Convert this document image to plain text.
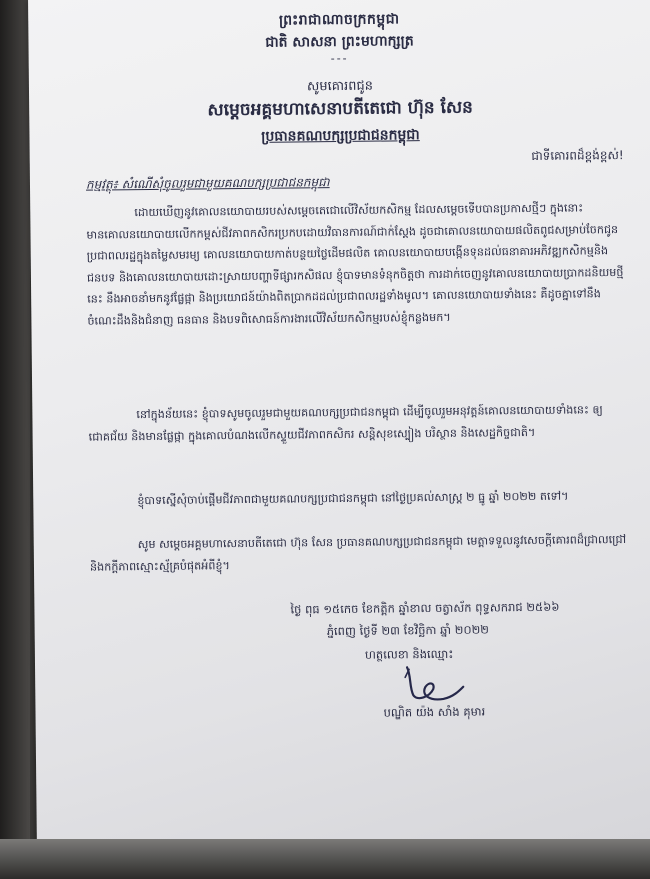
ព្រះរាជាណាចក្រកម្ពុជា
ជាតិ សាសនា ព្រះមហាក្សត្រ
---
សូមគោរពជូន
សម្តេចអគ្គមហាសេនាបតីតេជោ ហ៊ុន សែន
ប្រធានគណបក្សប្រជាជនកម្ពុជា
ជាទីគោរពដ៏ខ្ពង់ខ្ពស់!
កម្មវត្ថុ៖ សំណើសុំចូលរួមជាមួយគណបក្សប្រជាជនកម្ពុជា
ដោយឃើញនូវគោលនយោបាយរបស់សម្តេចតេជោលើវិស័យកសិកម្ម ដែលសម្តេចទើបបានប្រកាសថ្មីៗ ក្នុងនោះមានគោលនយោបាយលើកកម្ពស់ជីវភាពកសិករប្រកបដោយវិធានការណ៍ជាក់ស្តែង ដូចជាគោលនយោបាយផលិតពូជសម្រាប់ចែកជូនប្រជាពលរដ្ឋក្នុងតម្លៃសមរម្យ គោលនយោបាយកាត់បន្ថយថ្លៃដើមផលិត គោលនយោបាយបង្កើនទុនដល់ធនាគារអភិវឌ្ឍកសិកម្មនិងជនបទ និងគោលនយោបាយដោះស្រាយបញ្ហាទីផ្សារកសិផល ខ្ញុំបាទមានទំនុកចិត្តថា ការដាក់ចេញនូវគោលនយោបាយប្រាកដនិយមថ្មីនេះ នឹងអាចនាំមកនូវផ្លែផ្កា និងប្រយោជន៍យ៉ាងពិតប្រាកដដល់ប្រជាពលរដ្ឋទាំងមូល។ គោលនយោបាយទាំងនេះ គឺដូចគ្នាទៅនឹងចំណេះដឹងនិងជំនាញ ធនធាន និងបទពិសោធន៍ការងារលើវិស័យកសិកម្មរបស់ខ្ញុំកន្លងមក។
នៅក្នុងន័យនេះ ខ្ញុំបាទសូមចូលរួមជាមួយគណបក្សប្រជាជនកម្ពុជា ដើម្បីចូលរួមអនុវត្តន៍គោលនយោបាយទាំងនេះ ឲ្យជោគជ័យ និងមានផ្លែផ្កា ក្នុងគោលបំណងលើកស្ទួយជីវភាពកសិករ សន្តិសុខស្បៀង បរិស្ថាន និងសេដ្ឋកិច្ចជាតិ។
ខ្ញុំបាទស្នើសុំចាប់ផ្តើមជីវភាពជាមួយគណបក្សប្រជាជនកម្ពុជា នៅថ្ងៃប្រគល់សាស្ត្រ ២ ធ្នូ ឆ្នាំ ២០២២ តទៅ។
សូម សម្តេចអគ្គមហាសេនាបតីតេជោ ហ៊ុន សែន ប្រធានគណបក្សប្រជាជនកម្ពុជា មេត្តាទទួលនូវសេចក្តីគោរពដ៏ជ្រាលជ្រៅ និងកក្តីភាពស្មោះស្ម័គ្របំផុតអំពីខ្ញុំ។
ថ្ងៃ ពុធ ១៥កេច ខែកត្តិក ឆ្នាំខាល ចត្វាស័ក ពុទ្ធសករាជ ២៥៦៦
ភ្នំពេញ ថ្ងៃទី ២៣ ខែវិច្ឆិកា ឆ្នាំ ២០២២
ហត្ថលេខា និងឈ្មោះ
បណ្ឌិត យ៉ង សាំង គុមារ
